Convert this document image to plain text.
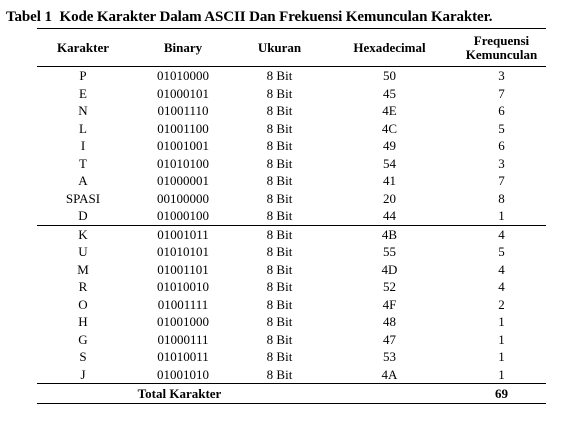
Tabel 1 Kode Karakter Dalam ASCII Dan Frekuensi Kemunculan Karakter.
Karakter	Binary	Ukuran	Hexadecimal	Frequensi
Kemunculan

P	01010000	8 Bit	50	3
E	01000101	8 Bit	45	7
N	01001110	8 Bit	4E	6
L	01001100	8 Bit	4C	5
I	01001001	8 Bit	49	6
T	01010100	8 Bit	54	3
A	01000001	8 Bit	41	7
SPASI	00100000	8 Bit	20	8
D	01000100	8 Bit	44	1
K	01001011	8 Bit	4B	4
U	01010101	8 Bit	55	5
M	01001101	8 Bit	4D	4
R	01010010	8 Bit	52	4
O	01001111	8 Bit	4F	2
H	01001000	8 Bit	48	1
G	01000111	8 Bit	47	1
S	01010011	8 Bit	53	1
J	01001010	8 Bit	4A	1
Total Karakter				69
